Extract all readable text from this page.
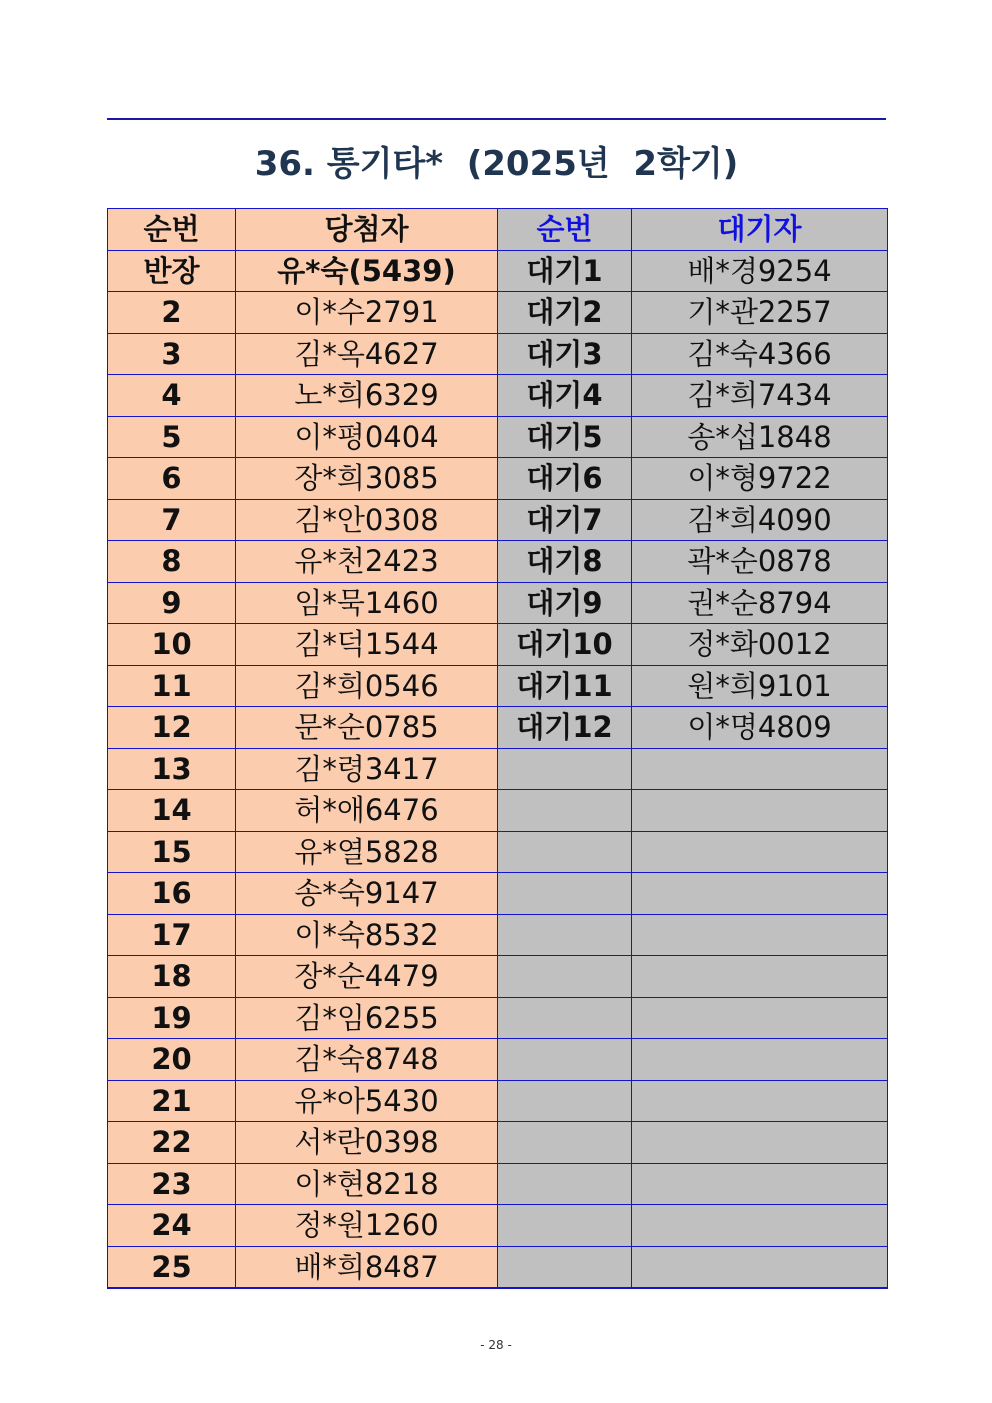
36. 통기타*  (2025년  2학기)
순번	당첨자	순번	대기자
반장	유*숙(5439)	대기1	배*경9254
2	이*수2791	대기2	기*관2257
3	김*옥4627	대기3	김*숙4366
4	노*희6329	대기4	김*희7434
5	이*평0404	대기5	송*섭1848
6	장*희3085	대기6	이*형9722
7	김*안0308	대기7	김*희4090
8	유*천2423	대기8	곽*순0878
9	임*묵1460	대기9	권*순8794
10	김*덕1544	대기10	정*화0012
11	김*희0546	대기11	원*희9101
12	문*순0785	대기12	이*명4809
13	김*령3417		
14	허*애6476		
15	유*열5828		
16	송*숙9147		
17	이*숙8532		
18	장*순4479		
19	김*임6255		
20	김*숙8748		
21	유*아5430		
22	서*란0398		
23	이*현8218		
24	정*원1260		
25	배*희8487		
- 28 -
